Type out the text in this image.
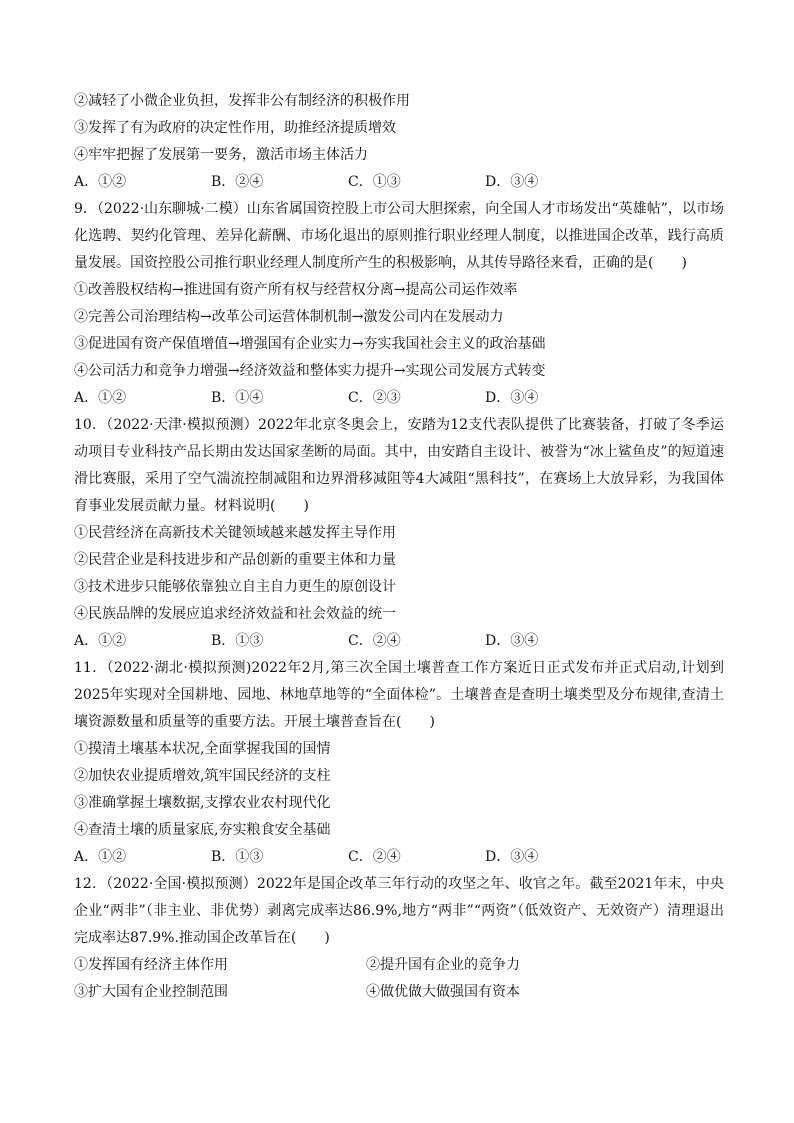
②减轻了小微企业负担，发挥非公有制经济的积极作用
③发挥了有为政府的决定性作用，助推经济提质增效
④牢牢把握了发展第一要务，激活市场主体活力
A．①②	B．②④	C．①③	D．③④
9．（2022·山东聊城·二模）山东省属国资控股上市公司大胆探索，向全国人才市场发出“英雄帖”，以市场化选聘、契约化管理、差异化薪酬、市场化退出的原则推行职业经理人制度，以推进国企改革，践行高质量发展。国资控股公司推行职业经理人制度所产生的积极影响，从其传导路径来看，正确的是(　　)
①改善股权结构→推进国有资产所有权与经营权分离→提高公司运作效率
②完善公司治理结构→改革公司运营体制机制→激发公司内在发展动力
③促进国有资产保值增值→增强国有企业实力→夯实我国社会主义的政治基础
④公司活力和竞争力增强→经济效益和整体实力提升→实现公司发展方式转变
A．①②	B．①④	C．②③	D．③④
10．（2022·天津·模拟预测）2022年北京冬奥会上，安踏为12支代表队提供了比赛装备，打破了冬季运动项目专业科技产品长期由发达国家垄断的局面。其中，由安踏自主设计、被誉为“冰上鲨鱼皮”的短道速滑比赛服，采用了空气湍流控制减阻和边界滑移减阻等4大减阻“黑科技”，在赛场上大放异彩，为我国体育事业发展贡献力量。材料说明(　　)
①民营经济在高新技术关键领域越来越发挥主导作用
②民营企业是科技进步和产品创新的重要主体和力量
③技术进步只能够依靠独立自主自力更生的原创设计
④民族品牌的发展应追求经济效益和社会效益的统一
A．①②	B．①③	C．②④	D．③④
11．（2022·湖北·模拟预测)2022年2月,第三次全国土壤普查工作方案近日正式发布并正式启动,计划到2025年实现对全国耕地、园地、林地草地等的“全面体检”。土壤普查是查明土壤类型及分布规律,查清土壤资源数量和质量等的重要方法。开展土壤普查旨在(　　)
①摸清土壤基本状况,全面掌握我国的国情
②加快农业提质增效,筑牢国民经济的支柱
③准确掌握土壤数据,支撑农业农村现代化
④查清土壤的质量家底,夯实粮食安全基础
A．①②	B．①③	C．②④	D．③④
12．（2022·全国·模拟预测）2022年是国企改革三年行动的攻坚之年、收官之年。截至2021年末，中央企业“两非”（非主业、非优势）剥离完成率达86.9%,地方“两非”“两资”（低效资产、无效资产）清理退出完成率达87.9%.推动国企改革旨在(　　)
①发挥国有经济主体作用	②提升国有企业的竞争力
③扩大国有企业控制范围	④做优做大做强国有资本
